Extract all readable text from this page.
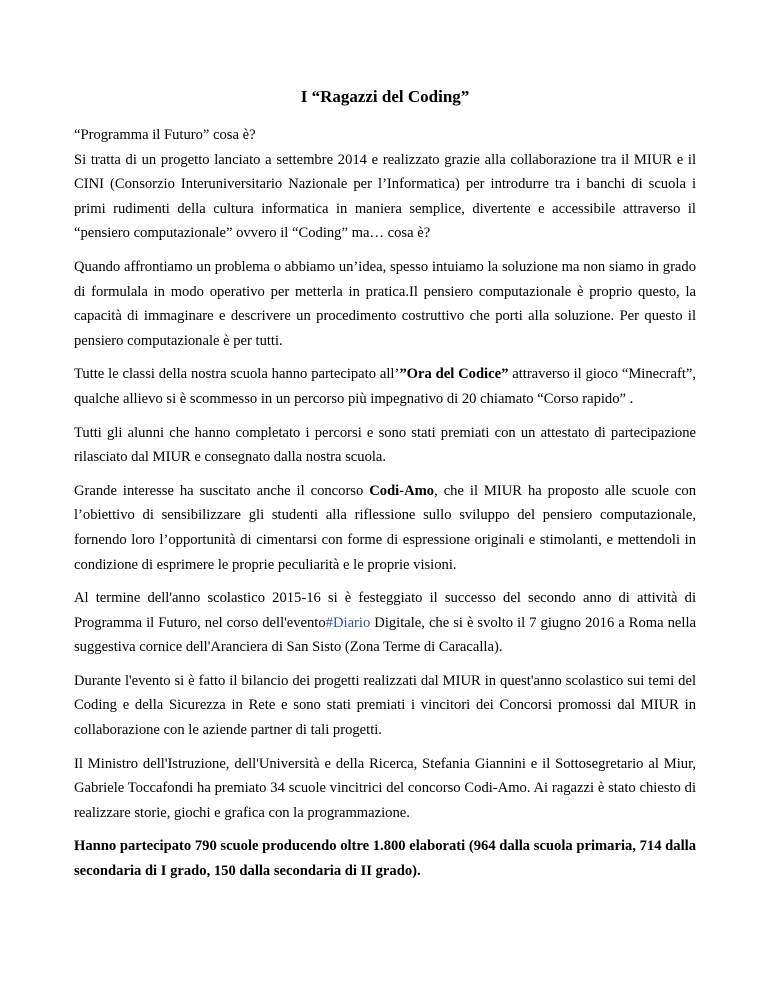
I “Ragazzi del Coding”

“Programma il Futuro” cosa è?

Si tratta di un progetto lanciato a settembre 2014 e realizzato grazie alla collaborazione tra il MIUR e il CINI (Consorzio Interuniversitario Nazionale per l’Informatica) per introdurre tra i banchi di scuola i primi rudimenti della cultura informatica in maniera semplice, divertente e accessibile attraverso il “pensiero computazionale” ovvero il “Coding” ma… cosa è?

Quando affrontiamo un problema o abbiamo un’idea, spesso intuiamo la soluzione ma non siamo in grado di formulala in modo operativo per metterla in pratica.Il pensiero computazionale è proprio questo, la capacità di immaginare e descrivere un procedimento costruttivo che porti alla soluzione. Per questo il pensiero computazionale è per tutti.

Tutte le classi della nostra scuola hanno partecipato all’”Ora del Codice” attraverso il gioco “Minecraft”, qualche allievo si è scommesso in un percorso più impegnativo di 20 chiamato “Corso rapido” .

Tutti gli alunni che hanno completato i percorsi e sono stati premiati con un attestato di partecipazione rilasciato dal MIUR e consegnato dalla nostra scuola.

Grande interesse ha suscitato anche il concorso Codi-Amo, che il MIUR ha proposto alle scuole con l’obiettivo di sensibilizzare gli studenti alla riflessione sullo sviluppo del pensiero computazionale, fornendo loro l’opportunità di cimentarsi con forme di espressione originali e stimolanti, e mettendoli in condizione di esprimere le proprie peculiarità e le proprie visioni.

Al termine dell'anno scolastico 2015-16 si è festeggiato il successo del secondo anno di attività di Programma il Futuro, nel corso dell'evento#Diario Digitale, che si è svolto il 7 giugno 2016 a Roma nella suggestiva cornice dell'Aranciera di San Sisto (Zona Terme di Caracalla).

Durante l'evento si è fatto il bilancio dei progetti realizzati dal MIUR in quest'anno scolastico sui temi del Coding e della Sicurezza in Rete e sono stati premiati i vincitori dei Concorsi promossi dal MIUR in collaborazione con le aziende partner di tali progetti.

Il Ministro dell'Istruzione, dell'Università e della Ricerca, Stefania Giannini e il Sottosegretario al Miur, Gabriele Toccafondi ha premiato 34 scuole vincitrici del concorso Codi-Amo. Ai ragazzi è stato chiesto di realizzare storie, giochi e grafica con la programmazione.

Hanno partecipato 790 scuole producendo oltre 1.800 elaborati (964 dalla scuola primaria, 714 dalla secondaria di I grado, 150 dalla secondaria di II grado).
